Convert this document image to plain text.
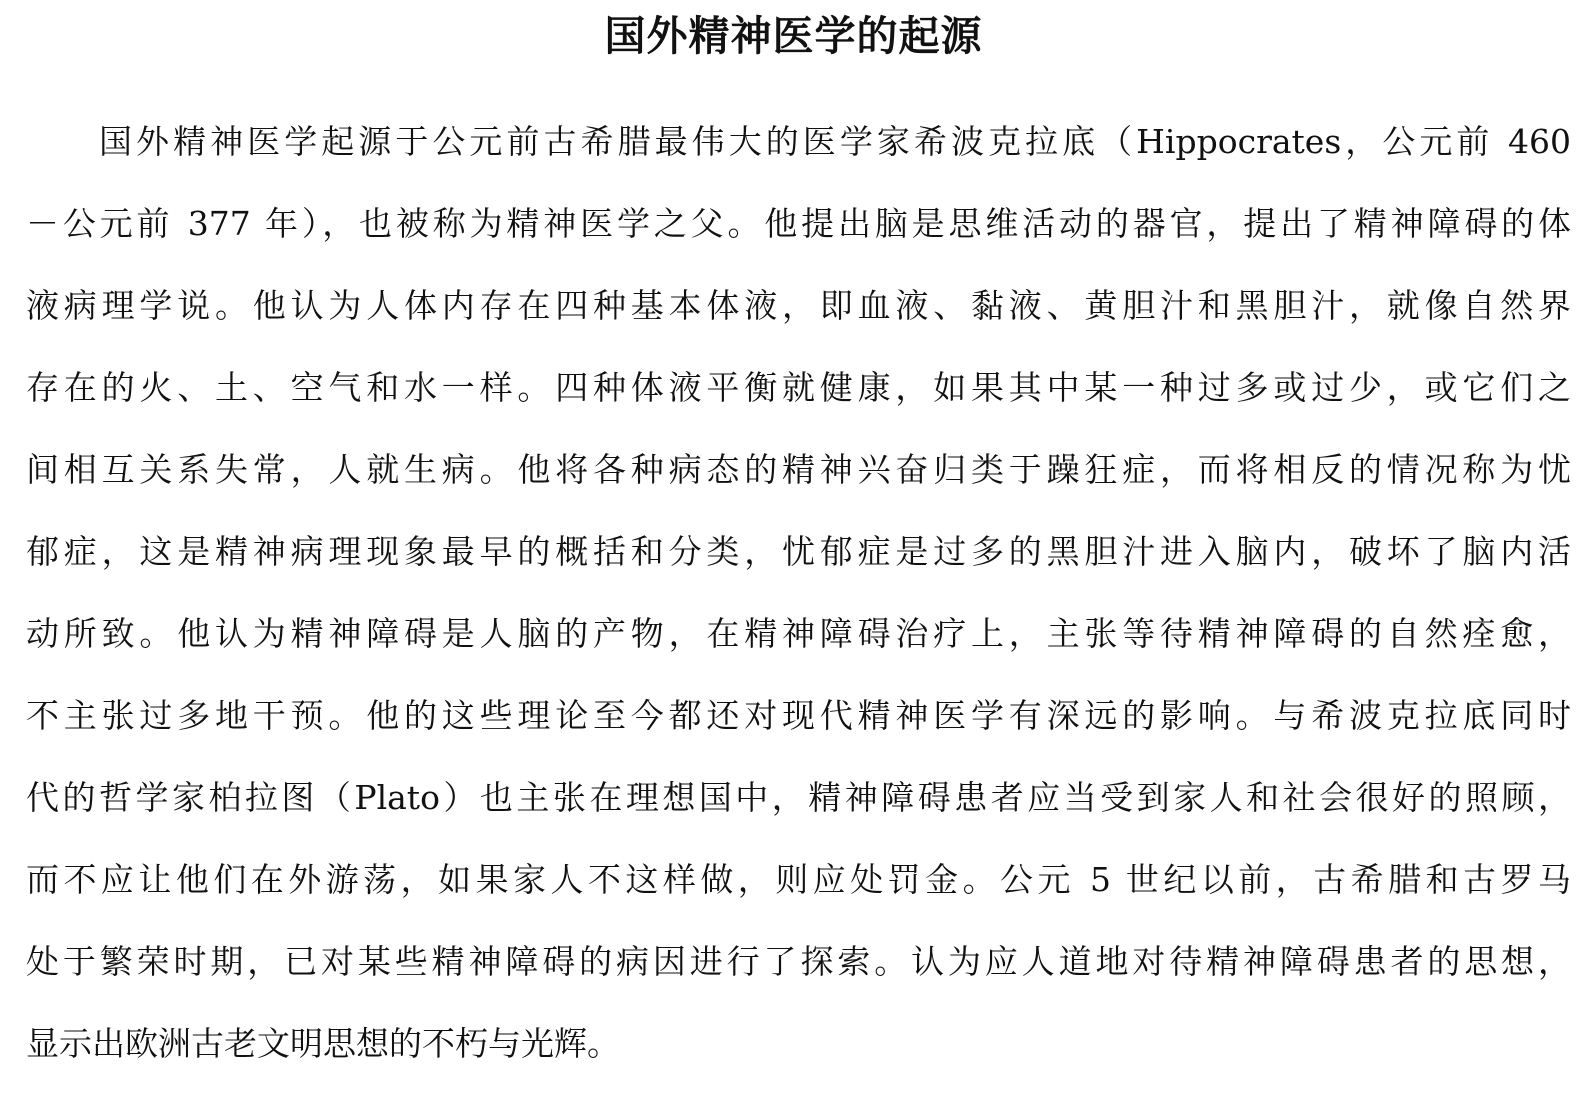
国外精神医学的起源
国外精神医学起源于公元前古希腊最伟大的医学家希波克拉底（Hippocrates，公元前 460
－公元前 377 年），也被称为精神医学之父。他提出脑是思维活动的器官，提出了精神障碍的体
液病理学说。他认为人体内存在四种基本体液，即血液、黏液、黄胆汁和黑胆汁，就像自然界
存在的火、土、空气和水一样。四种体液平衡就健康，如果其中某一种过多或过少，或它们之
间相互关系失常，人就生病。他将各种病态的精神兴奋归类于躁狂症，而将相反的情况称为忧
郁症，这是精神病理现象最早的概括和分类，忧郁症是过多的黑胆汁进入脑内，破坏了脑内活
动所致。他认为精神障碍是人脑的产物，在精神障碍治疗上，主张等待精神障碍的自然痊愈，
不主张过多地干预。他的这些理论至今都还对现代精神医学有深远的影响。与希波克拉底同时
代的哲学家柏拉图（Plato）也主张在理想国中，精神障碍患者应当受到家人和社会很好的照顾，
而不应让他们在外游荡，如果家人不这样做，则应处罚金。公元 5 世纪以前，古希腊和古罗马
处于繁荣时期，已对某些精神障碍的病因进行了探索。认为应人道地对待精神障碍患者的思想，
显示出欧洲古老文明思想的不朽与光辉。
